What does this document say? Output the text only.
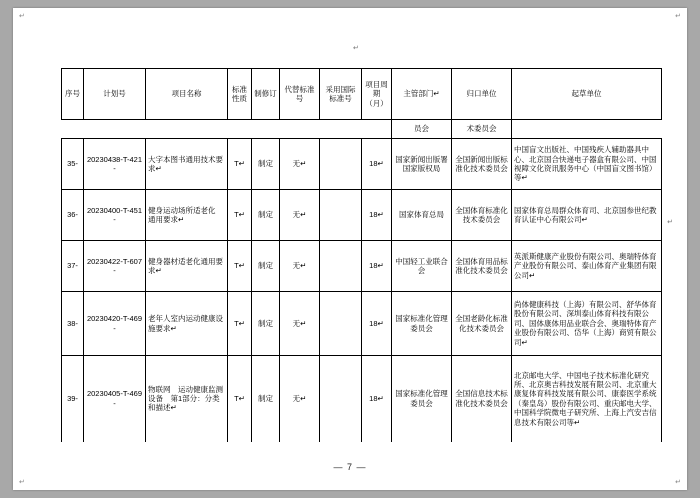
↵	↵
↵	↵
↵
↵
序号	计划号	项目名称	标准性质	制修订	代替标准号	采用国际标准号	项目周期（月）	主管部门↵	归口单位	起草单位
								员会	术委员会	
35-	20230438-T-421-	大字本图书通用技术要求↵	T↵	制定	无↵		18↵	国家新闻出版署　国家版权局	全国新闻出版标准化技术委员会	中国盲文出版社、中国残疾人辅助器具中心、北京国合快递电子器盒有限公司、中国视障文化资讯服务中心（中国盲文图书馆）等↵
36-	20230400-T-451-	健身运动场所适老化　通用要求↵	T↵	制定	无↵		18↵	国家体育总局	全国体育标准化技术委员会	国家体育总局群众体育司、北京国参世纪教育认证中心有限公司↵
37-	20230422-T-607-	健身器材适老化通用要求↵	T↵	制定	无↵		18↵	中国轻工业联合会	全国体育用品标准化技术委员会	英派斯健康产业股份有限公司、奥瑞特体育产业股份有限公司、泰山体育产业集团有限公司↵
38-	20230420-T-469-	老年人室内运动健康设施要求↵	T↵	制定	无↵		18↵	国家标准化管理委员会	全国老龄化标准化技术委员会	尚体健康科技（上海）有限公司、舒华体育股份有限公司、深圳泰山体育科技有限公司、国体康体用品业联合会、奥瑞特体育产业股份有限公司、岱华（上海）商贸有限公司↵
39-	20230405-T-469-	物联网　运动健康监测设备　第1部分：分类和描述↵	T↵	制定	无↵		18↵	国家标准化管理委员会	全国信息技术标准化技术委员会	北京邮电大学、中国电子技术标准化研究所、北京奥吉科技发展有限公司、北京重大康复体育科技发展有限公司、康泰医学系统（秦皇岛）股份有限公司、重庆邮电大学、中国科学院微电子研究所、上海上汽安吉信息技术有限公司等↵
— 7 —
